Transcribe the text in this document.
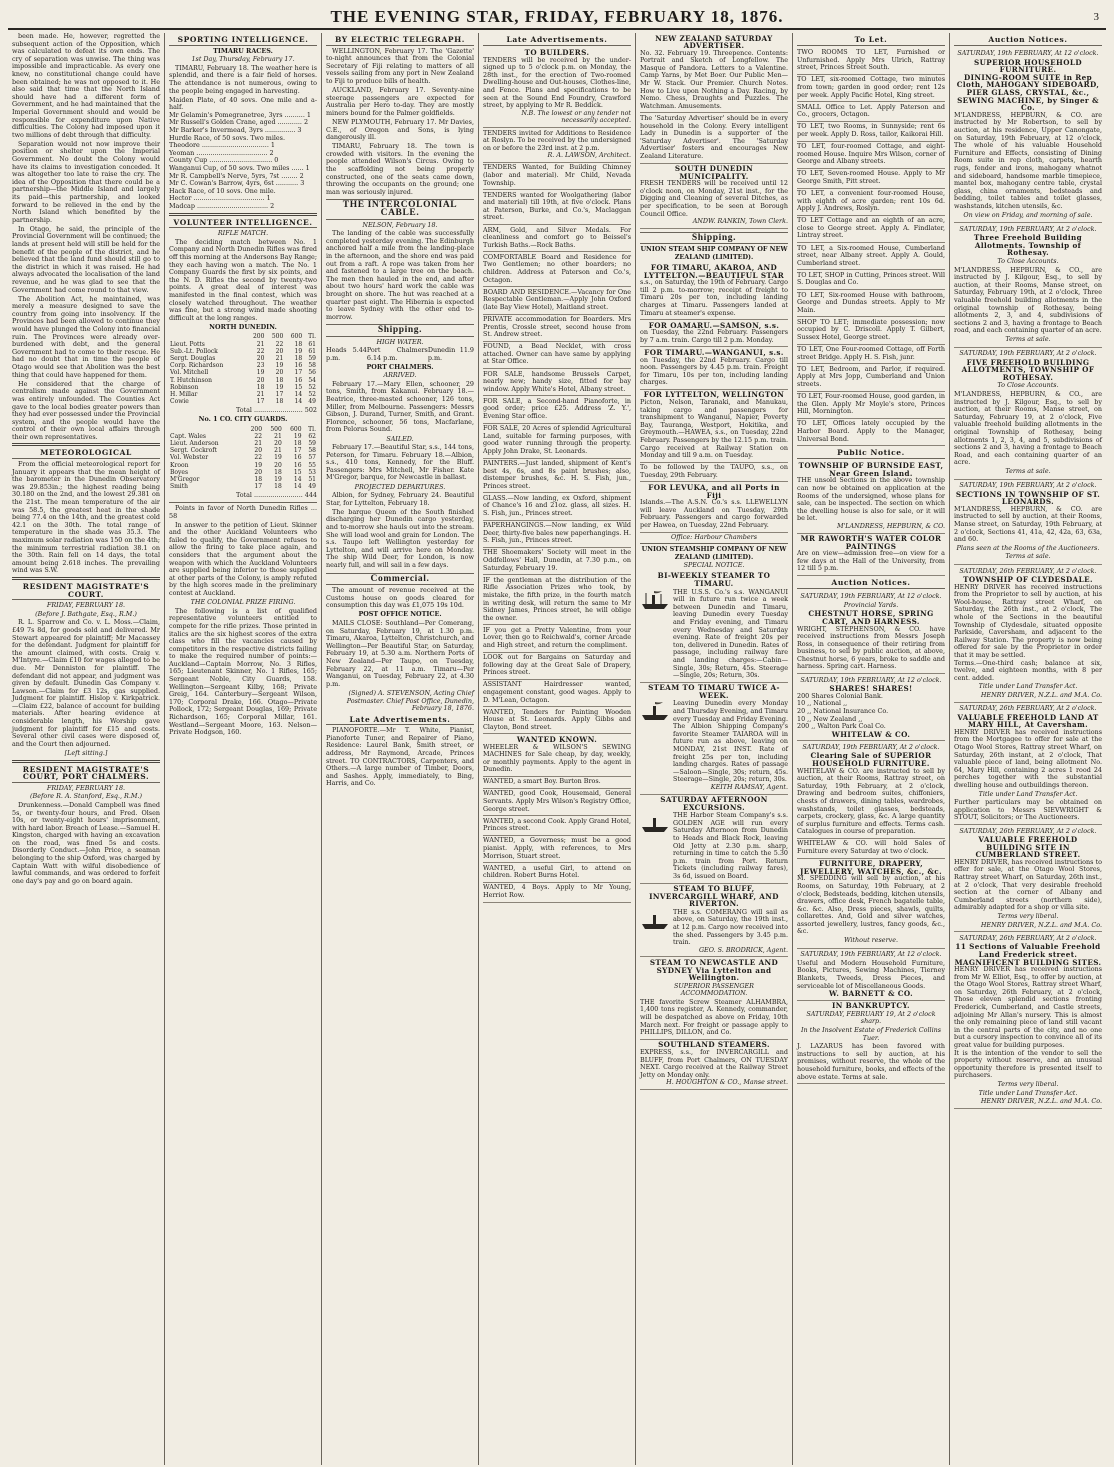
THE EVENING STAR, FRIDAY, FEBRUARY 18, 1876.	3

been made. He, however, regretted the subsequent action of the Opposition, which was calculated to defeat its own ends. The cry of separation was unwise. The thing was impossible and impracticable. As every one knew, no constitutional change could have been obtained; he was not opposed to it. He also said that time that the North Island should have had a different form of Government, and he had maintained that the Imperial Government should and would be responsible for expenditure upon Native difficulties. The Colony had imposed upon it two millions of debt through that difficulty.

Separation would not now improve their position or shelter upon the Imperial Government. No doubt the Colony would have its claims to investigation conceded. It was altogether too late to raise the cry. The idea of the Opposition that there could be a partnership—the Middle Island and largely its paid—this partnership, and looked forward to be relieved in the end by the North Island which benefited by the partnership.

In Otago, he said, the principle of the Provincial Government will be continued; the lands at present held will still be held for the benefit of the people of the district, and he believed that the land fund should still go to the district in which it was raised. He had always advocated the localisation of the land revenue, and he was glad to see that the Government had come round to that view.

The Abolition Act, he maintained, was merely a measure designed to save the country from going into insolvency. If the Provinces had been allowed to continue they would have plunged the Colony into financial ruin. The Provinces were already over-burdened with debt, and the general Government had to come to their rescue. He had no doubt that in time the people of Otago would see that Abolition was the best thing that could have happened for them.

He considered that the charge of centralism made against the Government was entirely unfounded. The Counties Act gave to the local bodies greater powers than they had ever possessed under the Provincial system, and the people would have the control of their own local affairs through their own representatives.

METEOROLOGICAL

From the official meteorological report for January it appears that the mean height of the barometer in the Dunedin Observatory was 29.853in.; the highest reading being 30.180 on the 2nd, and the lowest 29.381 on the 21st. The mean temperature of the air was 58.5, the greatest heat in the shade being 77.4 on the 14th, and the greatest cold 42.1 on the 30th. The total range of temperature in the shade was 35.3. The maximum solar radiation was 150 on the 4th; the minimum terrestrial radiation 38.1 on the 30th. Rain fell on 14 days, the total amount being 2.618 inches. The prevailing wind was S.W.

RESIDENT MAGISTRATE'S COURT.
FRIDAY, FEBRUARY 18.
(Before J. Bathgate, Esq., R.M.)

R. L. Sparrow and Co. v. L. Moss.—Claim, £49 7s 8d, for goods sold and delivered. Mr Stewart appeared for plaintiff; Mr Macassey for the defendant. Judgment for plaintiff for the amount claimed, with costs. Craig v. M'Intyre.—Claim £10 for wages alleged to be due. Mr Denniston for plaintiff. The defendant did not appear, and judgment was given by default. Dunedin Gas Company v. Lawson.—Claim for £3 12s, gas supplied. Judgment for plaintiff. Hislop v. Kirkpatrick.—Claim £22, balance of account for building materials. After hearing evidence at considerable length, his Worship gave judgment for plaintiff for £15 and costs. Several other civil cases were disposed of, and the Court then adjourned.

[Left sitting.]
RESIDENT MAGISTRATE'S COURT, PORT CHALMERS.
FRIDAY, FEBRUARY 18.
(Before R. A. Stanford, Esq., R.M.)

Drunkenness.—Donald Campbell was fined 5s, or twenty-four hours, and Fred. Olsen 10s, or twenty-eight hours' imprisonment, with hard labor. Breach of Lease.—Samuel H. Kingston, charged with having an excavation on the road, was fined 5s and costs. Disorderly Conduct.—John Price, a seaman belonging to the ship Oxford, was charged by Captain Watt with wilful disobedience of lawful commands, and was ordered to forfeit one day's pay and go on board again.

SPORTING INTELLIGENCE.
TIMARU RACES.
1st Day, Thursday, February 17.

TIMARU, February 18. The weather here is splendid, and there is a fair field of horses. The attendance is not numerous, owing to the people being engaged in harvesting.

Maiden Plate, of 40 sovs. One mile and a-half.
Mr Gelamin's Pomegranetree, 3yrs .......... 1
Mr Russell's Golden Crane, aged ............ 2
Mr Barker's Invermead, 3yrs ............... 3
Hurdle Race, of 50 sovs. Two miles.
Theodore ................................. 1
Yeoman ................................... 2
County Cup ............................... 0
Wanganui Cup, of 50 sovs. Two miles ...... 1
Mr R. Campbell's Nerve, 5yrs, 7st ........ 2
Mr C. Cowan's Barrow, 4yrs, 6st ........... 3
Hack Race, of 10 sovs. One mile.
Hector ................................... 1
Madcap ................................... 2
VOLUNTEER INTELLIGENCE.
RIFLE MATCH.

The deciding match between No. 1 Company and North Dunedin Rifles was fired off this morning at the Andersons Bay Range; they each having won a match. The No. 1 Company Guards the first by six points, and the N. D. Rifles the second by twenty-two points. A great deal of interest was manifested in the final contest, which was closely watched throughout. The weather was fine, but a strong wind made shooting difficult at the long ranges.

NORTH DUNEDIN.
	200	500	600	Tl.
Lieut. Potts	21	22	18	61
Sub.-Lt. Pollock	22	20	19	61
Sergt. Douglas	20	21	18	59
Corp. Richardson	23	19	16	58
Vol. Mitchell	19	20	17	56
T. Hutchinson	20	18	16	54
Robinson	18	19	15	52
H. Millar	21	17	14	52
Cowie	17	18	14	49
Total ........................ 502
No. 1 CO. CITY GUARDS.
	200	500	600	Tl.
Capt. Wales	22	21	19	62
Lieut. Anderson	21	20	18	59
Sergt. Cockroft	20	21	17	58
Vol. Webster	22	19	16	57
Kroon	19	20	16	55
Boyes	20	18	15	53
M'Gregor	18	19	14	51
Smith	17	18	14	49
Total ........................ 444

Points in favor of North Dunedin Rifles ... 58

In answer to the petition of Lieut. Skinner and the other Auckland Volunteers who failed to qualify, the Government refuses to allow the firing to take place again, and considers that the argument about the weapon with which the Auckland Volunteers are supplied being inferior to those supplied at other parts of the Colony, is amply refuted by the high scores made in the preliminary contest at Auckland.

THE COLONIAL PRIZE FIRING.

The following is a list of qualified representative volunteers entitled to compete for the rifle prizes. Those printed in italics are the six highest scores of the extra class who fill the vacancies caused by competitors in the respective districts failing to make the required number of points:—Auckland—Captain Morrow, No. 3 Rifles, 165; Lieutenant Skinner, No. 1 Rifles, 165; Sergeant Noble, City Guards, 158. Wellington—Sergeant Kilby, 168; Private Greig, 164. Canterbury—Sergeant Wilson, 170; Corporal Drake, 166. Otago—Private Pollock, 172; Sergeant Douglas, 169; Private Richardson, 165; Corporal Millar, 161. Westland—Sergeant Moore, 163. Nelson—Private Hodgson, 160.

BY ELECTRIC TELEGRAPH.

WELLINGTON, February 17. The 'Gazette' to-night announces that from the Colonial Secretary of Fiji relating to matters of all vessels sailing from any port in New Zealand to Fiji to produce bills of health.

AUCKLAND, February 17. Seventy-nine steerage passengers are expected for Australia per Hero to-day. They are mostly miners bound for the Palmer goldfields.

NEW PLYMOUTH, February 17. Mr Davies, C.E., of Oregon and Sons, is lying dangerously ill.

TIMARU, February 18. The town is crowded with visitors. In the evening the people attended Wilson's Circus. Owing to the scaffolding not being properly constructed, one of the seats came down, throwing the occupants on the ground; one man was seriously injured.

THE INTERCOLONIAL CABLE.
NELSON, February 18.

The landing of the cable was successfully completed yesterday evening. The Edinburgh anchored half a mile from the landing-place in the afternoon, and the shore end was paid out from a raft. A rope was taken from her and fastened to a large tree on the beach. The men then hauled in the end, and after about two hours' hard work the cable was brought on shore. The hut was reached at a quarter past eight. The Hibernia is expected to leave Sydney with the other end to-morrow.

Shipping.
HIGH WATER.
Heads 5.44 p.m.
Port Chalmers 6.14 p.m.
Dunedin 11.9 p.m.
PORT CHALMERS.
ARRIVED.

February 17.—Mary Ellen, schooner, 29 tons, Smith, from Kakanui. February 18.—Beatrice, three-masted schooner, 126 tons, Miller, from Melbourne. Passengers: Messrs Gibson, J. Durand, Turner, Smith, and Grant. Florence, schooner, 56 tons, Macfarlane, from Pelorus Sound.

SAILED.

February 17.—Beautiful Star, s.s., 144 tons, Peterson, for Timaru. February 18.—Albion, s.s., 410 tons, Kennedy, for the Bluff. Passengers: Mrs Mitchell, Mr Fisher. Kate M'Gregor, barque, for Newcastle in ballast.

PROJECTED DEPARTURES.

Albion, for Sydney, February 24. Beautiful Star, for Lyttelton, February 18.

The barque Queen of the South finished discharging her Dunedin cargo yesterday, and to-morrow she hauls out into the stream. She will load wool and grain for London. The s.s. Taupo left Wellington yesterday for Lyttelton, and will arrive here on Monday. The ship Wild Deer, for London, is now nearly full, and will sail in a few days.

Commercial.

The amount of revenue received at the Customs house on goods cleared for consumption this day was £1,075 19s 10d.

POST OFFICE NOTICE.

MAILS CLOSE: Southland—Per Comerang, on Saturday, February 19, at 1.30 p.m. Timaru, Akaroa, Lyttelton, Christchurch, and Wellington—Per Beautiful Star, on Saturday, February 19, at 5.30 a.m. Northern Ports of New Zealand—Per Taupo, on Tuesday, February 22, at 11 a.m. Timaru—Per Wanganui, on Tuesday, February 22, at 4.30 p.m.

(Signed) A. STEVENSON, Acting Chief Postmaster. Chief Post Office, Dunedin, February 18, 1876.

Late Advertisements.

PIANOFORTE.—Mr T. White, Pianist, Pianoforte Tuner, and Repairer of Piano, Residence: Laurel Bank, Smith street, or address, Mr Raymond, Arcade, Princes street. TO CONTRACTORS, Carpenters, and Others.—A large number of Timber, Doors, and Sashes. Apply, immediately, to Bing, Harris, and Co.

Late Advertisements.
TO BUILDERS.

TENDERS will be received by the under-signed up to 5 o'clock p.m. on Monday, the 28th inst., for the erection of Two-roomed Dwelling-house and Out-houses, Clothes-line, and Fence. Plans and specifications to be seen at the Sound End Foundry, Crawford street, by applying to Mr R. Beddick.

N.B. The lowest or any tender not necessarily accepted.

TENDERS invited for Additions to Residence at Roslyn. To be received by the undersigned on or before the 23rd inst. at 2 p.m.

R. A. LAWSON, Architect.

TENDERS Wanted, for Building Chimney (labor and material). Mr Child, Nevada Township.

TENDERS wanted for Woolgathering (labor and material) till 19th, at five o'clock. Plans at Paterson, Burke, and Co.'s, Maclaggan street.

ARM, Gold, and Silver Medals. For cleanliness and comfort go to Beissel's Turkish Baths.—Rock Baths.

COMFORTABLE Board and Residence for Two Gentlemen; no other boarders; no children. Address at Paterson and Co.'s, Octagon.

BOARD AND RESIDENCE.—Vacancy for One Respectable Gentleman.—Apply John Oxford (late Bay View Hotel), Maitland street.

PRIVATE accommodation for Boarders. Mrs Prentis, Crossle street, second house from St. Andrew street.

FOUND, a Bead Necklet, with cross attached. Owner can have same by applying at Star Office.

FOR SALE, handsome Brussels Carpet, nearly new; handy size, fitted for bay window. Apply White's Hotel, Albany street.

FOR SALE, a Second-hand Pianoforte, in good order; price £25. Address 'Z. Y.', Evening Star office.

FOR SALE, 20 Acres of splendid Agricultural Land, suitable for farming purposes, with good water running through the property. Apply John Drake, St. Leonards.

PAINTERS.—Just landed, shipment of Kent's best 4s, 6s, and 8s paint brushes; also, distemper brushes, &c. H. S. Fish, jun., Princes street.

GLASS.—Now landing, ex Oxford, shipment of Chance's 16 and 21oz. glass, all sizes. H. S. Fish, jun., Princes street.

PAPERHANGINGS.—Now landing, ex Wild Deer, thirty-five bales new paperhangings. H. S. Fish, jun., Princes street.

THE Shoemakers' Society will meet in the Oddfellows' Hall, Dunedin, at 7.30 p.m., on Saturday, February 19.

IF the gentleman at the distribution of the Rifle Association Prizes who took, by mistake, the fifth prize, in the fourth match in writing desk, will return the same to Mr Sidney James, Princes street, he will oblige the owner.

IF you get a Pretty Valentine, from your Lover, then go to Reichwald's, corner Arcade and High street, and return the compliment.

LOOK out for Bargains on Saturday and following day at the Great Sale of Drapery, Princes street.

ASSISTANT Hairdresser wanted, engagement constant, good wages. Apply to D. M'Lean, Octagon.

WANTED, Tenders for Painting Wooden House at St. Leonards. Apply Gibbs and Clayton, Bond street.

WANTED KNOWN.

WHEELER & WILSON'S SEWING MACHINES for Sale cheap, by day, weekly, or monthly payments. Apply to the agent in Dunedin.

WANTED, a smart Boy. Burton Bros.

WANTED, good Cook, Housemaid, General Servants. Apply Mrs Wilson's Registry Office, George street.

WANTED, a second Cook. Apply Grand Hotel, Princes street.

WANTED, a Governess; must be a good pianist. Apply, with references, to Mrs Morrison, Stuart street.

WANTED, a useful Girl, to attend on children. Robert Burns Hotel.

WANTED, 4 Boys. Apply to Mr Young, Herriot Row.

NEW ZEALAND SATURDAY ADVERTISER.

No. 32. February 19. Threepence. Contents: Portrait and Sketch of Longfellow. The Masque of Pandora. Letters to a Valentine. Camp Yarns, by Met Boer. Our Public Men—Mr W. Stack. Our Premier. Church Notes. How to Live upon Nothing a Day. Racing, by Nemo. Chess, Draughts and Puzzles. The Watchman. Amusements.

The 'Saturday Advertiser' should be in every household in the Colony. Every intelligent Lady in Dunedin is a supporter of the 'Saturday Advertiser'. The 'Saturday Advertiser' fosters and encourages New Zealand Literature.

SOUTH DUNEDIN MUNICIPALITY.

FRESH TENDERS will be received until 12 o'clock noon, on Monday, 21st inst., for the Digging and Cleaning of several Ditches, as per specification, to be seen at Borough Council Office.

ANDW. RANKIN, Town Clerk.
Shipping.
UNION STEAM SHIP COMPANY OF NEW ZEALAND (LIMITED).
FOR TIMARU, AKAROA, AND LYTTELTON.—BEAUTIFUL STAR

s.s., on Saturday, the 19th of February. Cargo till 2 p.m. to-morrow; receipt of freight to Timaru 20s per ton, including landing charges at Timaru. Passengers landed at Timaru at steamer's expense.

FOR OAMARU.—SAMSON, s.s.

on Tuesday, the 22nd February. Passengers by 7 a.m. train. Cargo till 2 p.m. Monday.

FOR TIMARU.—WANGANUI, s.s.

on Tuesday, the 22nd February. Cargo till noon. Passengers by 4.45 p.m. train. Freight for Timaru, 10s per ton, including landing charges.

FOR LYTTELTON, WELLINGTON

Picton, Nelson, Taranaki, and Manukau, taking cargo and passengers for transhipment to Wanganui, Napier, Poverty Bay, Tauranga, Westport, Hokitika, and Greymouth.—HAWEA, s.s., on Tuesday, 22nd February. Passengers by the 12.15 p.m. train. Cargo received at Railway Station on Monday and till 9 a.m. on Tuesday.

To be followed by the TAUPO, s.s., on Tuesday, 29th February.

FOR LEVUKA, and all Ports in Fiji

Islands.—The A.S.N. Co.'s s.s. LLEWELLYN will leave Auckland on Tuesday, 29th February. Passengers and cargo forwarded per Hawea, on Tuesday, 22nd February.

Office: Harbour Chambers
UNION STEAMSHIP COMPANY OF NEW ZEALAND (LIMITED).
SPECIAL NOTICE.
BI-WEEKLY STEAMER TO TIMARU.

THE U.S.S. Co.'s s.s. WANGANUI will in future run twice a week between Dunedin and Timaru, leaving Dunedin every Tuesday and Friday evening, and Timaru every Wednesday and Saturday evening. Rate of freight 20s per ton, delivered in Dunedin. Rates of passage, including railway fare and landing charges:—Cabin—Single, 30s; Return, 45s. Steerage—Single, 20s; Return, 30s.

STEAM TO TIMARU TWICE A-WEEK.

Leaving Dunedin every Monday and Thursday Evening, and Timaru every Tuesday and Friday Evening. The Albion Shipping Company's favorite Steamer TAIAROA will in future run as above, leaving on MONDAY, 21st INST. Rate of freight 25s per ton, including landing charges. Rates of passage—Saloon—Single, 30s; return, 45s. Steerage—Single, 20s; return, 30s.

KEITH RAMSAY, Agent.
SATURDAY AFTERNOON EXCURSIONS.

THE Harbor Steam Company's s.s. GOLDEN AGE will run every Saturday Afternoon from Dunedin to Heads and Black Rock, leaving Old Jetty at 2.30 p.m. sharp, returning in time to catch the 5.30 p.m. train from Port. Return Tickets (including railway fares), 3s 6d, issued on Board.

STEAM TO BLUFF, INVERCARGILL WHARF, AND RIVERTON.

THE s.s. COMERANG will sail as above, on Saturday, the 19th inst., at 12 p.m. Cargo now received into the shed. Passengers by 3.45 p.m. train.

GEO. S. BRODRICK, Agent.
STEAM TO NEWCASTLE AND SYDNEY Via Lyttelton and Wellington.
SUPERIOR PASSENGER ACCOMMODATION.

THE favorite Screw Steamer ALHAMBRA, 1,400 tons register, A. Kennedy, commander, will be despatched as above on Friday, 10th March next. For freight or passage apply to PHILLIPS, DILLON, and Co.

SOUTHLAND STEAMERS.

EXPRESS, s.s., for INVERCARGILL and BLUFF, from Port Chalmers, ON TUESDAY NEXT. Cargo received at the Railway Street Jetty on Monday only.

H. HOUGHTON & CO., Manse street.
To Let.

TWO ROOMS TO LET, Furnished or Unfurnished. Apply Mrs Ulrich, Rattray street, Princes Street South.

TO LET, six-roomed Cottage, two minutes from town; garden in good order; rent 12s per week. Apply Pacific Hotel, King street.

SMALL Office to Let. Apply Paterson and Co., grocers, Octagon.

TO LET, two Rooms, in Sunnyside; rent 6s per week. Apply D. Ross, tailor, Kaikorai Hill.

TO LET, four-roomed Cottage, and eight-roomed House. Inquire Mrs Wilson, corner of George and Albany streets.

TO LET, Seven-roomed House. Apply to Mr George Smith, Pitt street.

TO LET, a convenient four-roomed House, with eighth of acre garden; rent 10s 6d. Apply J. Andrews, Roslyn.

TO LET Cottage and an eighth of an acre, close to George street. Apply A. Findlater, Lintray street.

TO LET, a Six-roomed House, Cumberland street, near Albany street. Apply A. Gould, Cumberland street.

TO LET, SHOP in Cutting, Princes street. Will S. Douglas and Co.

TO LET, Six-roomed House with bathroom, George and Dundas streets. Apply to Mr Main.

SHOP TO LET; immediate possession; now occupied by C. Driscoll. Apply T. Gilbert, Sussex Hotel, George street.

TO LET, One Four-roomed Cottage, off Forth street Bridge. Apply H. S. Fish, junr.

TO LET, Bedroom, and Parlor, if required. Apply at Mrs Jopp, Cumberland and Union streets.

TO LET, Four-roomed House, good garden, in the Glen. Apply Mr Moyle's store, Princes Hill, Mornington.

TO LET, Offices lately occupied by the Harbor Board. Apply to the Manager, Universal Bond.

Public Notice.
TOWNSHIP OF BURNSIDE EAST, Near Green Island.

THE unsold Sections in the above township can now be obtained on application at the Rooms of the undersigned, whose plans for sale, can be inspected. The section on which the dwelling house is also for sale, or it will be let.

M'LANDRESS, HEPBURN, & CO.
MR RAWORTH'S WATER COLOR PAINTINGS

Are on view—admission free—on view for a few days at the Hall of the University, from 12 till 5 p.m.

Auction Notices.
SATURDAY, 19th FEBRUARY, At 12 o'clock.
Provincial Yards.
CHESTNUT HORSE, SPRING CART, AND HARNESS.

WRIGHT, STEPHENSON, & CO. have received instructions from Messrs Joseph Ross, in consequence of their retiring from business, to sell by public auction, at above, Chestnut horse, 6 years, broke to saddle and harness. Spring cart. Harness.

SATURDAY, 19th FEBRUARY, At 12 o'clock.
SHARES! SHARES!
200 Shares Colonial Bank.
10 ,, National ,,
20 ,, National Insurance Co.
10 ,, New Zealand ,,
200 ,, Walton Park Coal Co.
WHITELAW & CO.
SATURDAY, 19th FEBRUARY, At 2 o'clock.
Clearing Sale of SUPERIOR HOUSEHOLD FURNITURE.

WHITELAW & CO. are instructed to sell by auction, at their Rooms, Rattray street, on Saturday, 19th February, at 2 o'clock, Drawing and bedroom suites, chiffoniers, chests of drawers, dining tables, wardrobes, washstands, toilet glasses, bedsteads, carpets, crockery, glass, &c. A large quantity of surplus furniture and effects. Terms cash. Catalogues in course of preparation.

WHITELAW & CO. will hold Sales of Furniture every Saturday at two o'clock.

FURNITURE, DRAPERY, JEWELLERY, WATCHES, &c., &c.

M. SPEDDING will sell by auction, at his Rooms, on Saturday, 19th February, at 2 o'clock, Bedsteads, bedding, kitchen utensils, drawers, office desk, French bagatelle table, &c. &c. Also, Dress pieces, shawls, quilts, collarettes. And, Gold and silver watches, assorted jewellery, lustres, fancy goods, &c., &c.

Without reserve.
SATURDAY, 19th FEBRUARY, At 12 o'clock.

Useful and Modern Household Furniture, Books, Pictures, Sewing Machines, Tierney Blankets, Tweeds, Dress Pieces, and serviceable lot of Miscellaneous Goods.

W. BARNETT & CO.
IN BANKRUPTCY.
SATURDAY, FEBRUARY 19, At 2 o'clock sharp.
In the Insolvent Estate of Frederick Collins Tuer.

J. LAZARUS has been favored with instructions to sell by auction, at his premises, without reserve, the whole of the household furniture, books, and effects of the above estate. Terms at sale.

Auction Notices.
SATURDAY, 19th FEBRUARY, At 12 o'clock.
SUPERIOR HOUSEHOLD FURNITURE.
DINING-ROOM SUITE in Rep Cloth, MAHOGANY SIDEBOARD, PIER GLASS, CRYSTAL, &c.,
SEWING MACHINE, by Singer & Co.

M'LANDRESS, HEPBURN, & CO. are instructed by Mr Robertson, to sell by auction, at his residence, Upper Canongate, on Saturday, 19th February, at 12 o'clock, The whole of his valuable Household Furniture and Effects, consisting of Dining Room suite in rep cloth, carpets, hearth rugs, fender and irons, mahogany whatnot and sideboard, handsome marble timepiece, mantel box, mahogany centre table, crystal glass, china ornaments, bedsteads and bedding, toilet tables and toilet glasses, washstands, kitchen utensils, &c.

On view on Friday, and morning of sale.
SATURDAY, 19th FEBRUARY, At 2 o'clock.
Three Freehold Building Allotments. Township of Rothesay.
To Close Accounts.

M'LANDRESS, HEPBURN, & CO., are instructed by J. Kilgour, Esq., to sell by auction, at their Rooms, Manse street, on Saturday, February 19th, at 2 o'clock, Three valuable freehold building allotments in the original township of Rothesay, being allotments 2, 3, and 4, subdivisions of sections 2 and 3, having a frontage to Beach road, and each containing quarter of an acre.

Terms at sale.
SATURDAY, 19th FEBRUARY, At 2 o'clock.
FIVE FREEHOLD BUILDING ALLOTMENTS, TOWNSHIP OF ROTHESAY.
To Close Accounts.

M'LANDRESS, HEPBURN, & CO., are instructed by J. Kilgour, Esq., to sell by auction, at their Rooms, Manse street, on Saturday, February 19, at 2 o'clock, Five valuable freehold building allotments in the original Township of Rothesay, being allotments 1, 2, 3, 4, and 5, subdivisions of sections 2 and 3, having a frontage to Beach Road, and each containing quarter of an acre.

Terms at sale.
SATURDAY, 19th FEBRUARY, At 2 o'clock.
SECTIONS IN TOWNSHIP OF ST. LEONARDS.

M'LANDRESS, HEPBURN, & CO. are instructed to sell by auction, at their Rooms, Manse street, on Saturday, 19th February, at 2 o'clock, Sections 41, 41a, 42, 42a, 63, 63a, and 60.

Plans seen at the Rooms of the Auctioneers.
Terms at sale.
SATURDAY, 26th FEBRUARY, At 2 o'clock.
TOWNSHIP OF CLYDESDALE.

HENRY DRIVER has received instructions from the Proprietor to sell by auction, at his Wool-house, Rattray street Wharf, on Saturday, the 26th inst., at 2 o'clock, The whole of the Sections in the beautiful Township of Clydesdale, situated opposite Parkside, Caversham, and adjacent to the Railway Station. The property is now being offered for sale by the Proprietor in order that it may be settled.

Terms.—One-third cash; balance at six, twelve, and eighteen months, with 8 per cent. added.

Title under Land Transfer Act.
HENRY DRIVER, N.Z.L. and M.A. Co.
SATURDAY, 26th FEBRUARY, At 2 o'clock.
VALUABLE FREEHOLD LAND AT MARY HILL, At Caversham.

HENRY DRIVER has received instructions from the Mortgagee to offer for sale at the Otago Wool Stores, Rattray street Wharf, on Saturday, 26th instant, at 2 o'clock, That valuable piece of land, being allotment No. 64, Mary Hill, containing 2 acres 1 rood 24 perches together with the substantial dwelling house and outbuildings thereon.

Title under Land Transfer Act.

Further particulars may be obtained on application to Messrs SIEVWRIGHT & STOUT, Solicitors; or The Auctioneers.

SATURDAY, 26th FEBRUARY, At 2 o'clock.
VALUABLE FREEHOLD BUILDING SITE IN CUMBERLAND STREET.

HENRY DRIVER, has received instructions to offer for sale, at the Otago Wool Stores, Rattray street Wharf, on Saturday, 26th inst., at 2 o'clock, That very desirable freehold section at the corner of Albany and Cumberland streets (northern side), admirably adapted for a shop or villa site.

Terms very liberal.
HENRY DRIVER, N.Z.L. and M.A. Co.
SATURDAY, 26th FEBRUARY, At 2 o'clock.
11 Sections of Valuable Freehold Land Frederick street.
MAGNIFICENT BUILDING SITES.

HENRY DRIVER has received instructions from Mr W. Elliot, Esq., to offer by auction, at the Otago Wool Stores, Rattray street Wharf, on Saturday, 26th February, at 2 o'clock, Those eleven splendid sections fronting Frederick, Cumberland, and Castle streets, adjoining Mr Allan's nursery. This is almost the only remaining piece of land still vacant in the central parts of the city, and no one but a cursory inspection to convince all of its great value for building purposes.

It is the intention of the vendor to sell the property without reserve, and an unusual opportunity therefore is presented itself to purchasers.

Terms very liberal.
Title under Land Transfer Act.
HENRY DRIVER, N.Z.L. and M.A. Co.
